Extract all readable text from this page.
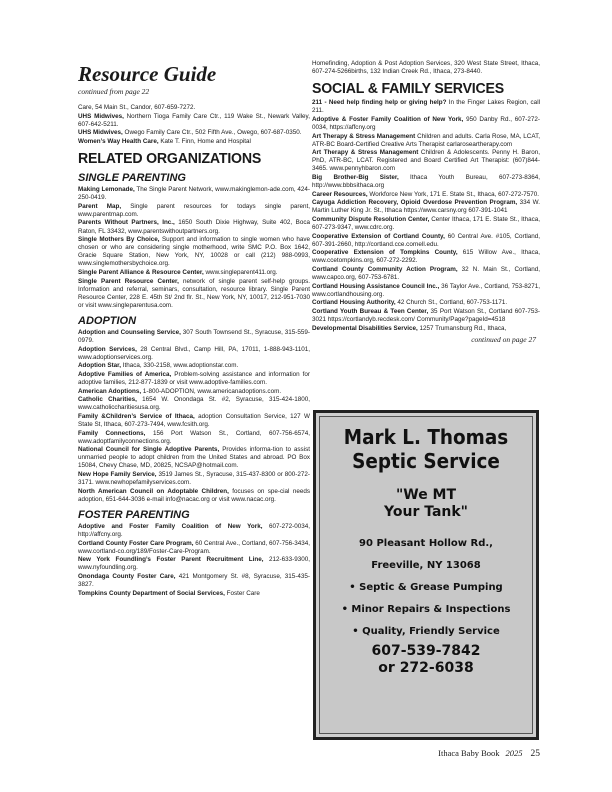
Resource Guide
continued from page 22
Care, 54 Main St., Candor, 607-659-7272.
UHS Midwives, Northern Tioga Family Care Ctr., 119 Wake St., Newark Valley, 607-642-5211.
UHS Midwives, Owego Family Care Ctr., 502 Fifth Ave., Owego, 607-687-0350.
Women’s Way Health Care, Kate T. Finn, Home and Hospital
RELATED ORGANIZATIONS
SINGLE PARENTING
Making Lemonade, The Single Parent Network, www.makinglemon-ade.com, 424-250-0419.
Parent Map, Single parent resources for todays single parent, www.parentmap.com.
Parents Without Partners, Inc., 1650 South Dixie Highway, Suite 402, Boca Raton, FL 33432, www.parentswithoutpartners.org.
Single Mothers By Choice, Support and information to single women who have chosen or who are considering single motherhood, write SMC P.O. Box 1642, Gracie Square Station, New York, NY, 10028 or call (212) 988-0993, www.singlemothersbychoice.org.
Single Parent Alliance & Resource Center, www.singleparent411.org.
Single Parent Resource Center, network of single parent self-help groups. Information and referral, seminars, consultation, resource library. Single Parent Resource Center, 228 E. 45th St/ 2nd flr. St., New York, NY, 10017, 212-951-7030 or visit www.singleparentusa.com.
ADOPTION
Adoption and Counseling Service, 307 South Townsend St., Syracuse, 315-559-0979.
Adoption Services, 28 Central Blvd., Camp Hill, PA, 17011, 1-888-943-1101, www.adoptionservices.org.
Adoption Star, Ithaca, 330-2158, www.adoptionstar.com.
Adoptive Families of America, Problem-solving assistance and information for adoptive families, 212-877-1839 or visit www.adoptive-families.com.
American Adoptions, 1-800-ADOPTION, www.americanadoptions.com.
Catholic Charities, 1654 W. Onondaga St. #2, Syracuse, 315-424-1800, www.catholiccharitiesusa.org.
Family &Children’s Service of Ithaca, adoption Consultation Service, 127 W State St, Ithaca, 607-273-7494, www.fcsith.org.
Family Connections, 156 Port Watson St., Cortland, 607-756-6574, www.adoptfamilyconnections.org.
National Council for Single Adoptive Parents, Provides informa-tion to assist unmarried people to adopt children from the United States and abroad. PO Box 15084, Chevy Chase, MD, 20825, NCSAP@hotmail.com.
New Hope Family Service, 3519 James St., Syracuse, 315-437-8300 or 800-272-3171. www.newhopefamilyservices.com.
North American Council on Adoptable Children, focuses on spe-cial needs adoption, 651-644-3036 e-mail info@nacac.org or visit www.nacac.org.
FOSTER PARENTING
Adoptive and Foster Family Coalition of New York, 607-272-0034, http://affcny.org.
Cortland County Foster Care Program, 60 Central Ave., Cortland, 607-756-3434, www.cortland-co.org/189/Foster-Care-Program.
New York Foundling’s Foster Parent Recruitment Line, 212-633-9300, www.nyfoundling.org.
Onondaga County Foster Care, 421 Montgomery St. #8, Syracuse, 315-435-3827.
Tompkins County Department of Social Services, Foster Care
Homefinding, Adoption & Post Adoption Services, 320 West State Street, Ithaca, 607-274-5266births, 132 Indian Creek Rd., Ithaca, 273-8440.
SOCIAL & FAMILY SERVICES
211 - Need help finding help or giving help? In the Finger Lakes Region, call 211.
Adoptive & Foster Family Coalition of New York, 950 Danby Rd., 607-272-0034, https://affcny.org
Art Therapy & Stress Management Children and adults. Carla Rose, MA, LCAT, ATR-BC Board-Certified Creative Arts Therapist carlaroseartherapy.com
Art Therapy & Stress Management Children & Adolescents. Penny H. Baron, PhD, ATR-BC, LCAT. Registered and Board Certified Art Therapist: (607)844-3465. www.pennyhbaron.com
Big Brother-Big Sister, Ithaca Youth Bureau, 607-273-8364, http://www.bbbsithaca.org
Career Resources, Workforce New York, 171 E. State St., Ithaca, 607-272-7570.
Cayuga Addiction Recovery, Opioid Overdose Prevention Program, 334 W. Martin Luther King Jr. St., Ithaca https://www.carsny.org 607-391-1041
Community Dispute Resolution Center, Center Ithaca, 171 E. State St., Ithaca, 607-273-9347, www.cdrc.org.
Cooperative Extension of Cortland County, 60 Central Ave. #105, Cortland, 607-391-2660, http://cortland.cce.cornell.edu.
Cooperative Extension of Tompkins County, 615 Willow Ave., Ithaca, www.ccetompkins.org, 607-272-2292.
Cortland County Community Action Program, 32 N. Main St., Cortland, www.capco.org, 607-753-6781.
Cortland Housing Assistance Council Inc., 36 Taylor Ave., Cortland, 753-8271, www.cortlandhousing.org.
Cortland Housing Authority, 42 Church St., Cortland, 607-753-1171.
Cortland Youth Bureau & Teen Center, 35 Port Watson St., Cortland 607-753-3021 https://cortlandyb.recdesk.com/ Community/Page?pageId=4518
Developmental Disabilities Service, 1257 Trumansburg Rd., Ithaca,
continued on page 27
Mark L. Thomas
Septic Service
"We MT
Your Tank"
90 Pleasant Hollow Rd.,
Freeville, NY 13068
• Septic & Grease Pumping
• Minor Repairs & Inspections
• Quality, Friendly Service
607-539-7842
or 272-6038
Ithaca Baby Book 2025 25
